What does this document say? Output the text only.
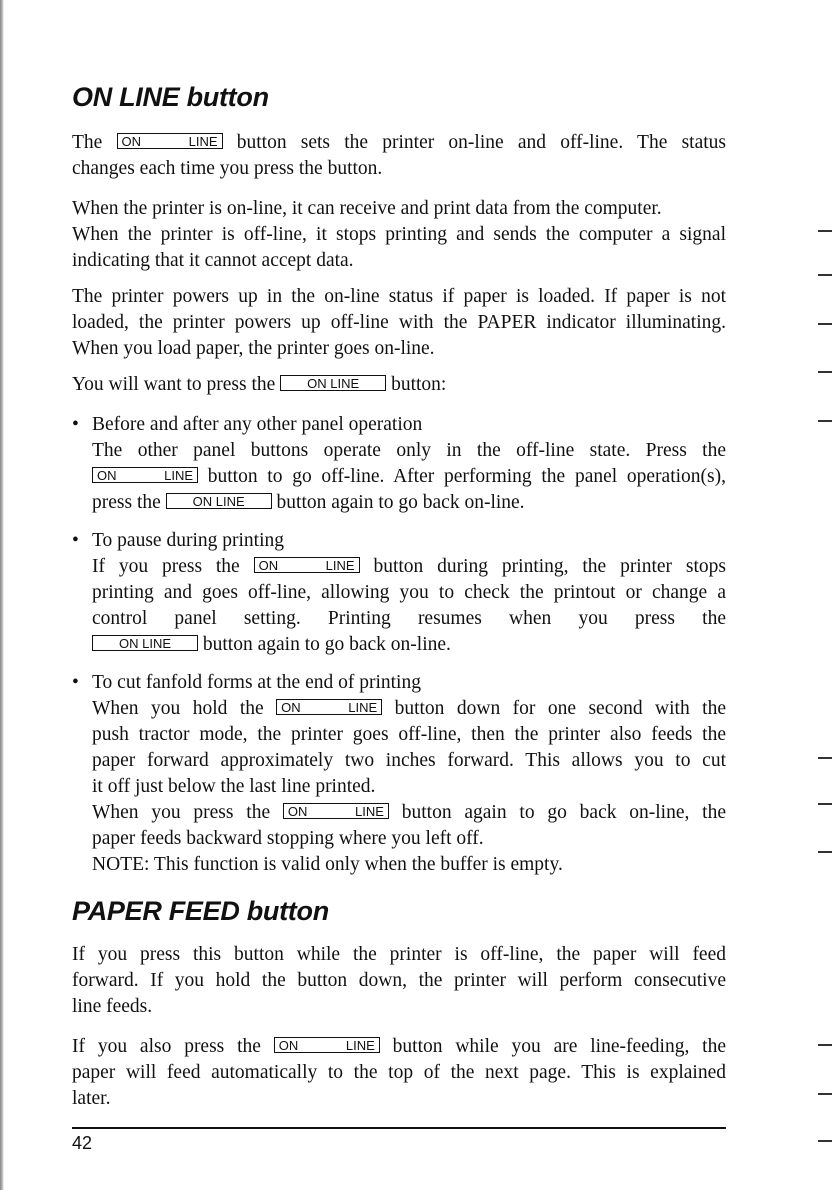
ON LINE button
The ON LINE button sets the printer on-line and off-line. The status
changes each time you press the button.
When the printer is on-line, it can receive and print data from the computer.
When the printer is off-line, it stops printing and sends the computer a signal
indicating that it cannot accept data.
The printer powers up in the on-line status if paper is loaded. If paper is not
loaded, the printer powers up off-line with the PAPER indicator illuminating.
When you load paper, the printer goes on-line.
You will want to press the ON LINE button:
• Before and after any other panel operation
The other panel buttons operate only in the off-line state. Press the
ON LINE button to go off-line. After performing the panel operation(s),
press the ON LINE button again to go back on-line.
• To pause during printing
If you press the ON LINE button during printing, the printer stops
printing and goes off-line, allowing you to check the printout or change a
control panel setting. Printing resumes when you press the
ON LINE button again to go back on-line.
• To cut fanfold forms at the end of printing
When you hold the ON LINE button down for one second with the
push tractor mode, the printer goes off-line, then the printer also feeds the
paper forward approximately two inches forward. This allows you to cut
it off just below the last line printed.
When you press the ON LINE button again to go back on-line, the
paper feeds backward stopping where you left off.
NOTE: This function is valid only when the buffer is empty.
PAPER FEED button
If you press this button while the printer is off-line, the paper will feed
forward. If you hold the button down, the printer will perform consecutive
line feeds.
If you also press the ON LINE button while you are line-feeding, the
paper will feed automatically to the top of the next page. This is explained
later.
42
